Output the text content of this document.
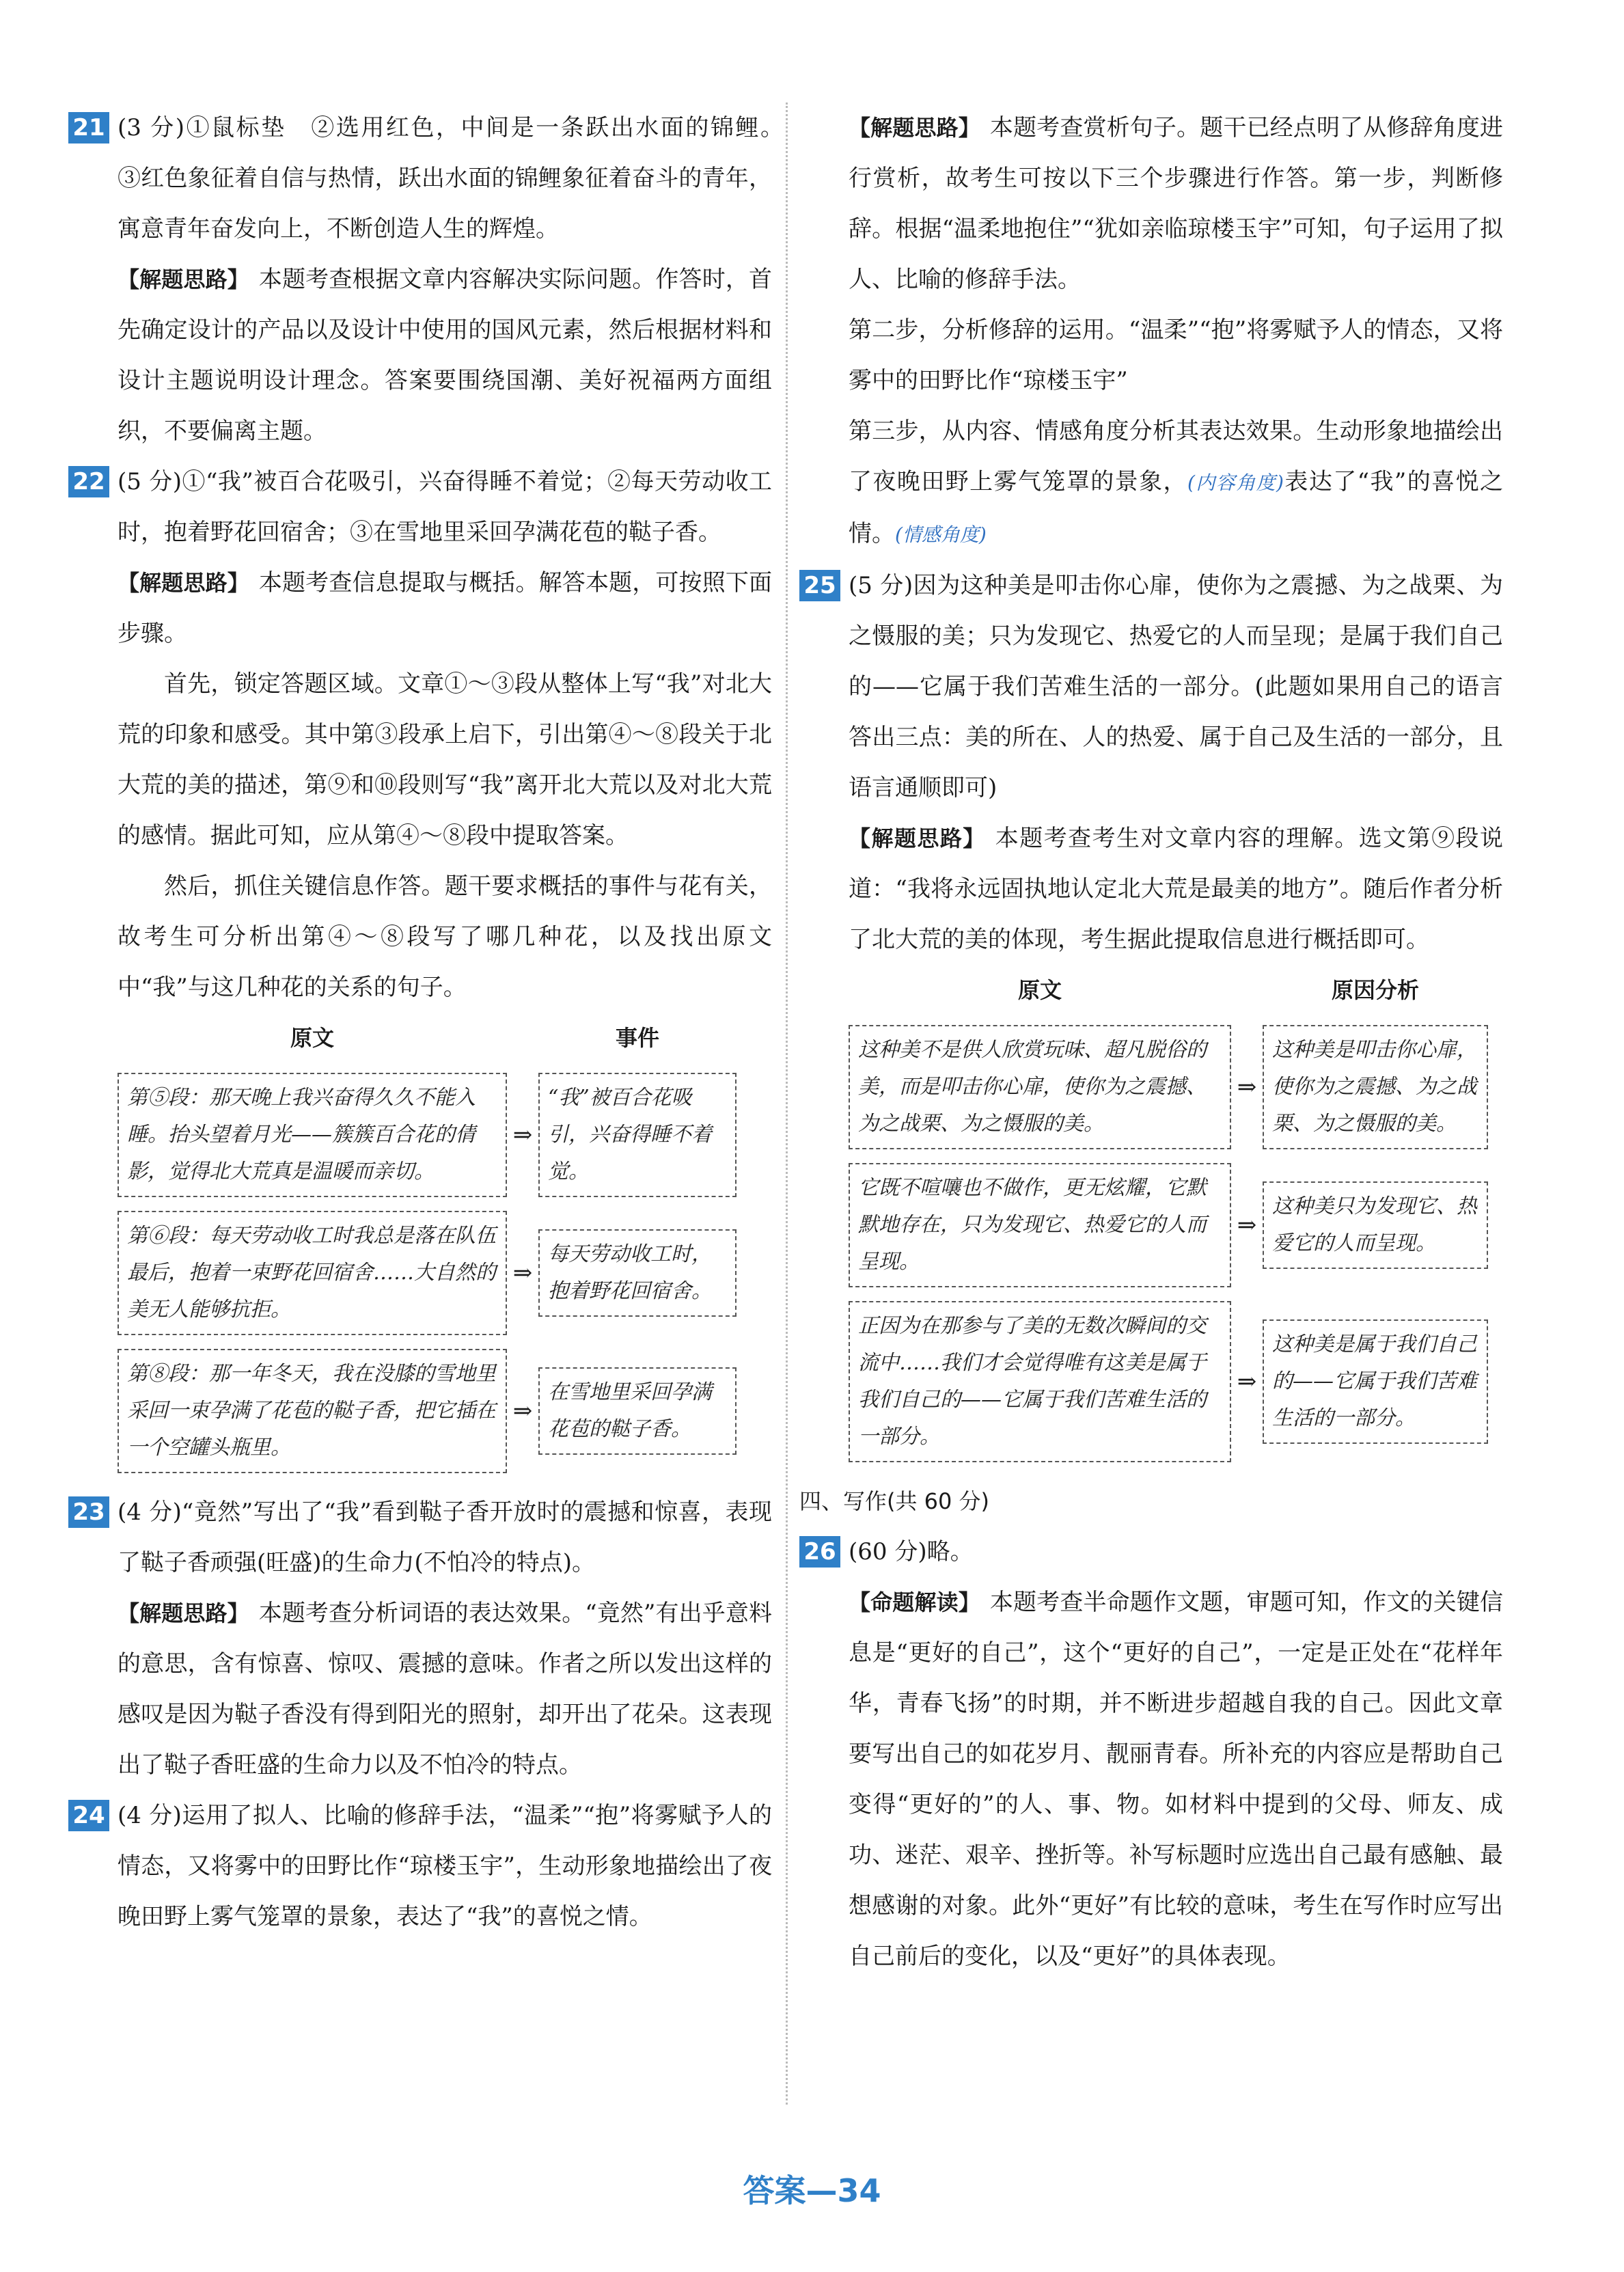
21 (3 分)①鼠标垫　②选用红色，中间是一条跃出水面的锦鲤。　③红色象征着自信与热情，跃出水面的锦鲤象征着奋斗的青年，寓意青年奋发向上，不断创造人生的辉煌。

【解题思路】 本题考查根据文章内容解决实际问题。作答时，首先确定设计的产品以及设计中使用的国风元素，然后根据材料和设计主题说明设计理念。答案要围绕国潮、美好祝福两方面组织，不要偏离主题。

22 (5 分)①“我”被百合花吸引，兴奋得睡不着觉；②每天劳动收工时，抱着野花回宿舍；③在雪地里采回孕满花苞的鞑子香。

【解题思路】 本题考查信息提取与概括。解答本题，可按照下面步骤。

首先，锁定答题区域。文章①～③段从整体上写“我”对北大荒的印象和感受。其中第③段承上启下，引出第④～⑧段关于北大荒的美的描述，第⑨和⑩段则写“我”离开北大荒以及对北大荒的感情。据此可知，应从第④～⑧段中提取答案。

然后，抓住关键信息作答。题干要求概括的事件与花有关，故考生可分析出第④～⑧段写了哪几种花，以及找出原文中“我”与这几种花的关系的句子。

原文	事件
第⑤段：那天晚上我兴奋得久久不能入睡。抬头望着月光——簇簇百合花的倩影，觉得北大荒真是温暖而亲切。
⇒
“我”被百合花吸引，兴奋得睡不着觉。
第⑥段：每天劳动收工时我总是落在队伍最后，抱着一束野花回宿舍……大自然的美无人能够抗拒。
⇒
每天劳动收工时，抱着野花回宿舍。
第⑧段：那一年冬天，我在没膝的雪地里采回一束孕满了花苞的鞑子香，把它插在一个空罐头瓶里。
⇒
在雪地里采回孕满花苞的鞑子香。
23 (4 分)“竟然”写出了“我”看到鞑子香开放时的震撼和惊喜，表现了鞑子香顽强(旺盛)的生命力(不怕冷的特点)。

【解题思路】 本题考查分析词语的表达效果。“竟然”有出乎意料的意思，含有惊喜、惊叹、震撼的意味。作者之所以发出这样的感叹是因为鞑子香没有得到阳光的照射，却开出了花朵。这表现出了鞑子香旺盛的生命力以及不怕冷的特点。

24 (4 分)运用了拟人、比喻的修辞手法，“温柔”“抱”将雾赋予人的情态，又将雾中的田野比作“琼楼玉宇”，生动形象地描绘出了夜晚田野上雾气笼罩的景象，表达了“我”的喜悦之情。

【解题思路】 本题考查赏析句子。题干已经点明了从修辞角度进行赏析，故考生可按以下三个步骤进行作答。第一步，判断修辞。根据“温柔地抱住”“犹如亲临琼楼玉宇”可知，句子运用了拟人、比喻的修辞手法。

第二步，分析修辞的运用。“温柔”“抱”将雾赋予人的情态，又将雾中的田野比作“琼楼玉宇”

第三步，从内容、情感角度分析其表达效果。生动形象地描绘出了夜晚田野上雾气笼罩的景象，(内容角度)表达了“我”的喜悦之情。(情感角度)

25 (5 分)因为这种美是叩击你心扉，使你为之震撼、为之战栗、为之慑服的美；只为发现它、热爱它的人而呈现；是属于我们自己的——它属于我们苦难生活的一部分。(此题如果用自己的语言答出三点：美的所在、人的热爱、属于自己及生活的一部分，且语言通顺即可)

【解题思路】 本题考查考生对文章内容的理解。选文第⑨段说道：“我将永远固执地认定北大荒是最美的地方”。随后作者分析了北大荒的美的体现，考生据此提取信息进行概括即可。

原文	原因分析
这种美不是供人欣赏玩味、超凡脱俗的美，而是叩击你心扉，使你为之震撼、为之战栗、为之慑服的美。
⇒
这种美是叩击你心扉，使你为之震撼、为之战栗、为之慑服的美。
它既不喧嚷也不做作，更无炫耀，它默默地存在，只为发现它、热爱它的人而呈现。
⇒
这种美只为发现它、热爱它的人而呈现。
正因为在那参与了美的无数次瞬间的交流中……我们才会觉得唯有这美是属于我们自己的——它属于我们苦难生活的一部分。
⇒
这种美是属于我们自己的——它属于我们苦难生活的一部分。

四、写作(共 60 分)

26 (60 分)略。

【命题解读】 本题考查半命题作文题，审题可知，作文的关键信息是“更好的自己”，这个“更好的自己”，一定是正处在“花样年华，青春飞扬”的时期，并不断进步超越自我的自己。因此文章要写出自己的如花岁月、靓丽青春。所补充的内容应是帮助自己变得“更好的”的人、事、物。如材料中提到的父母、师友、成功、迷茫、艰辛、挫折等。补写标题时应选出自己最有感触、最想感谢的对象。此外“更好”有比较的意味，考生在写作时应写出自己前后的变化，以及“更好”的具体表现。

答案—34
